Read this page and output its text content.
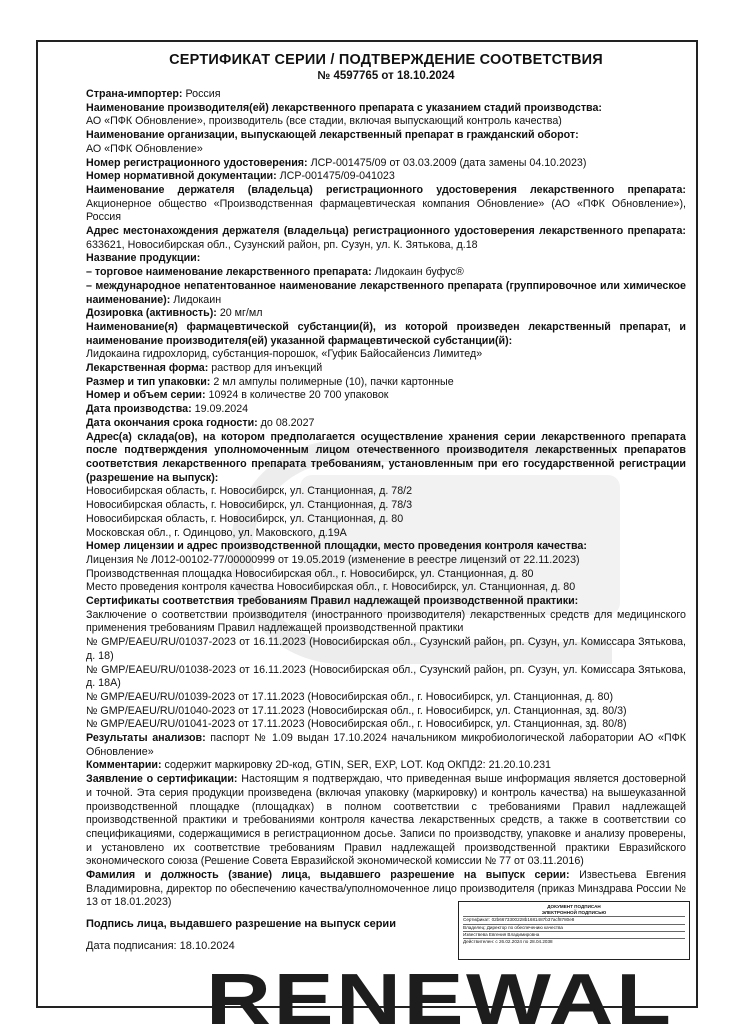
СЕРТИФИКАТ СЕРИИ / ПОДТВЕРЖДЕНИЕ СООТВЕТСТВИЯ
№ 4597765 от 18.10.2024

Страна-импортер: Россия

Наименование производителя(ей) лекарственного препарата с указанием стадий производства:

АО «ПФК Обновление», производитель (все стадии, включая выпускающий контроль качества)

Наименование организации, выпускающей лекарственный препарат в гражданский оборот:

АО «ПФК Обновление»

Номер регистрационного удостоверения: ЛСР-001475/09 от 03.03.2009 (дата замены 04.10.2023)

Номер нормативной документации: ЛСР-001475/09-041023

Наименование держателя (владельца) регистрационного удостоверения лекарственного препарата: Акционерное общество «Производственная фармацевтическая компания Обновление» (АО «ПФК Обновление»), Россия

Адрес местонахождения держателя (владельца) регистрационного удостоверения лекарственного препарата: 633621, Новосибирская обл., Сузунский район, рп. Сузун, ул. К. Зятькова, д.18

Название продукции:

– торговое наименование лекарственного препарата: Лидокаин буфус®

– международное непатентованное наименование лекарственного препарата (группировочное или химическое наименование): Лидокаин

Дозировка (активность): 20 мг/мл

Наименование(я) фармацевтической субстанции(й), из которой произведен лекарственный препарат, и наименование производителя(ей) указанной фармацевтической субстанции(й):

Лидокаина гидрохлорид, субстанция-порошок, «Гуфик Байосайенсиз Лимитед»

Лекарственная форма: раствор для инъекций

Размер и тип упаковки: 2 мл ампулы полимерные (10), пачки картонные

Номер и объем серии: 10924 в количестве 20 700 упаковок

Дата производства: 19.09.2024

Дата окончания срока годности: до 08.2027

Адрес(а) склада(ов), на котором предполагается осуществление хранения серии лекарственного препарата после подтверждения уполномоченным лицом отечественного производителя лекарственных препаратов соответствия лекарственного препарата требованиям, установленным при его государственной регистрации (разрешение на выпуск):

Новосибирская область, г. Новосибирск, ул. Станционная, д. 78/2

Новосибирская область, г. Новосибирск, ул. Станционная, д. 78/3

Новосибирская область, г. Новосибирск, ул. Станционная, д. 80

Московская обл., г. Одинцово, ул. Маковского, д.19А

Номер лицензии и адрес производственной площадки, место проведения контроля качества:

Лицензия № Л012-00102-77/00000999 от 19.05.2019 (изменение в реестре лицензий от 22.11.2023)

Производственная площадка Новосибирская обл., г. Новосибирск, ул. Станционная, д. 80

Место проведения контроля качества Новосибирская обл., г. Новосибирск, ул. Станционная, д. 80

Сертификаты соответствия требованиям Правил надлежащей производственной практики:

Заключение о соответствии производителя (иностранного производителя) лекарственных средств для медицинского применения требованиям Правил надлежащей производственной практики

№ GMP/EAEU/RU/01037-2023 от 16.11.2023 (Новосибирская обл., Сузунский район, рп. Сузун, ул. Комиссара Зятькова, д. 18)

№ GMP/EAEU/RU/01038-2023 от 16.11.2023 (Новосибирская обл., Сузунский район, рп. Сузун, ул. Комиссара Зятькова, д. 18А)

№ GMP/EAEU/RU/01039-2023 от 17.11.2023 (Новосибирская обл., г. Новосибирск, ул. Станционная, д. 80)

№ GMP/EAEU/RU/01040-2023 от 17.11.2023 (Новосибирская обл., г. Новосибирск, ул. Станционная, зд. 80/3)

№ GMP/EAEU/RU/01041-2023 от 17.11.2023 (Новосибирская обл., г. Новосибирск, ул. Станционная, зд. 80/8)

Результаты анализов: паспорт № 1.09 выдан 17.10.2024 начальником микробиологической лаборатории АО «ПФК Обновление»

Комментарии: содержит маркировку 2D-код, GTIN, SER, EXP, LOT. Код ОКПД2: 21.20.10.231

Заявление о сертификации: Настоящим я подтверждаю, что приведенная выше информация является достоверной и точной. Эта серия продукции произведена (включая упаковку (маркировку) и контроль качества) на вышеуказанной производственной площадке (площадках) в полном соответствии с требованиями Правил надлежащей производственной практики и требованиями контроля качества лекарственных средств, а также в соответствии со спецификациями, содержащимися в регистрационном досье. Записи по производству, упаковке и анализу проверены, и установлено их соответствие требованиям Правил надлежащей производственной практики Евразийского экономического союза (Решение Совета Евразийской экономической комиссии № 77 от 03.11.2016)

Фамилия и должность (звание) лица, выдавшего разрешение на выпуск серии: Известьева Евгения Владимировна, директор по обеспечению качества/уполномоченное лицо производителя (приказ Минздрава России № 13 от 18.01.2023)

Подпись лица, выдавшего разрешение на выпуск серии
Дата подписания: 18.10.2024
ДОКУМЕНТ ПОДПИСАН
ЭЛЕКТРОННОЙ ПОДПИСЬЮ
Сертификат: 02b6673300228b1681487b37acf8780e8
Владелец: Директор по обеспечению качества
Извествева Евгения Владимировна
Действителен: с 26.02.2024 по 28.04.2038
RENEWAL
